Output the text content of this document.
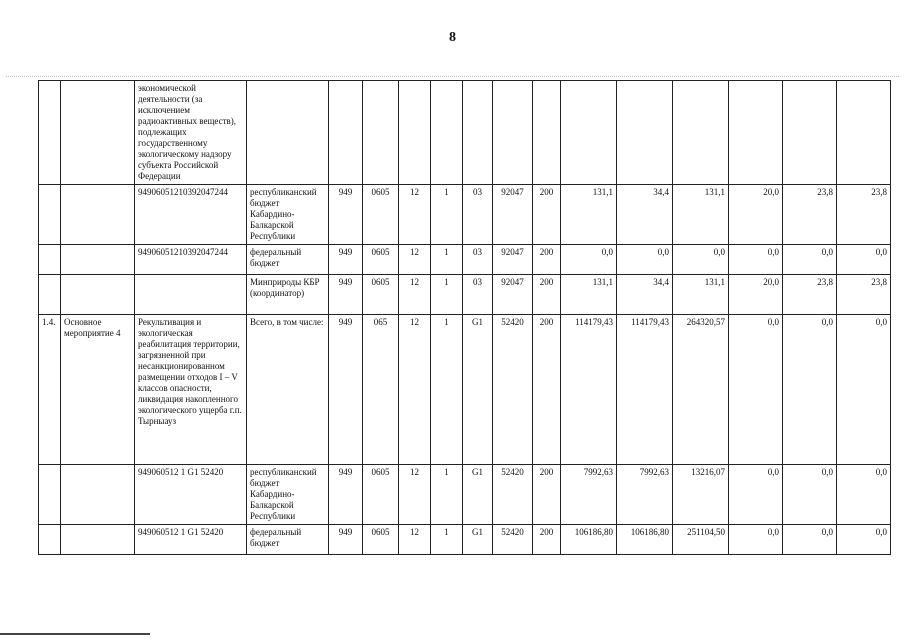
8
		экономической деятельности (за исключением радиоактивных веществ), подлежащих государственному экологическому надзору субъекта Российской Федерации														
		94906051210392047244	республиканский бюджет Кабардино-Балкарской Республики	949	0605	12	1	03	92047	200	131,1	34,4	131,1	20,0	23,8	23,8
		94906051210392047244	федеральный бюджет	949	0605	12	1	03	92047	200	0,0	0,0	0,0	0,0	0,0	0,0
			Минприроды КБР (координатор)	949	0605	12	1	03	92047	200	131,1	34,4	131,1	20,0	23,8	23,8
1.4.	Основное мероприятие 4	Рекультивация и экологическая реабилитация территории, загрязненной при несанкционированном размещении отходов I – V классов опасности, ликвидация накопленного экологического ущерба г.п. Тырныауз	Всего, в том числе:	949	065	12	1	G1	52420	200	114179,43	114179,43	264320,57	0,0	0,0	0,0
		949060512 1 G1 52420	республиканский бюджет Кабардино-Балкарской Республики	949	0605	12	1	G1	52420	200	7992,63	7992,63	13216,07	0,0	0,0	0,0
		949060512 1 G1 52420	федеральный бюджет	949	0605	12	1	G1	52420	200	106186,80	106186,80	251104,50	0,0	0,0	0,0
